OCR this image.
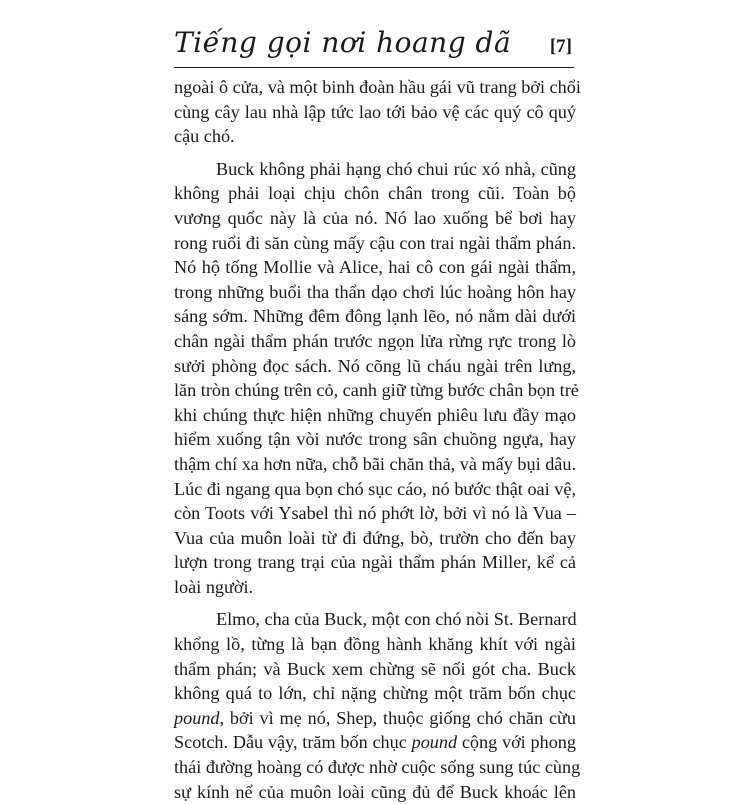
Tiếng gọi nơi hoang dã [7]
ngoài ô cửa, và một binh đoàn hầu gái vũ trang bởi chổi
cùng cây lau nhà lập tức lao tới bảo vệ các quý cô quý
cậu chó.
Buck không phải hạng chó chui rúc xó nhà, cũng
không phải loại chịu chôn chân trong cũi. Toàn bộ
vương quốc này là của nó. Nó lao xuống bể bơi hay
rong ruổi đi săn cùng mấy cậu con trai ngài thẩm phán.
Nó hộ tống Mollie và Alice, hai cô con gái ngài thẩm,
trong những buổi tha thẩn dạo chơi lúc hoàng hôn hay
sáng sớm. Những đêm đông lạnh lẽo, nó nằm dài dưới
chân ngài thẩm phán trước ngọn lửa rừng rực trong lò
sưởi phòng đọc sách. Nó cõng lũ cháu ngài trên lưng,
lăn tròn chúng trên cỏ, canh giữ từng bước chân bọn trẻ
khi chúng thực hiện những chuyến phiêu lưu đầy mạo
hiểm xuống tận vòi nước trong sân chuồng ngựa, hay
thậm chí xa hơn nữa, chỗ bãi chăn thả, và mấy bụi dâu.
Lúc đi ngang qua bọn chó sục cáo, nó bước thật oai vệ,
còn Toots với Ysabel thì nó phớt lờ, bởi vì nó là Vua –
Vua của muôn loài từ đi đứng, bò, trườn cho đến bay
lượn trong trang trại của ngài thẩm phán Miller, kể cả
loài người.
Elmo, cha của Buck, một con chó nòi St. Bernard
khổng lồ, từng là bạn đồng hành khăng khít với ngài
thẩm phán; và Buck xem chừng sẽ nối gót cha. Buck
không quá to lớn, chỉ nặng chừng một trăm bốn chục
pound, bởi vì mẹ nó, Shep, thuộc giống chó chăn cừu
Scotch. Dẫu vậy, trăm bốn chục pound cộng với phong
thái đường hoàng có được nhờ cuộc sống sung túc cùng
sự kính nể của muôn loài cũng đủ để Buck khoác lên
